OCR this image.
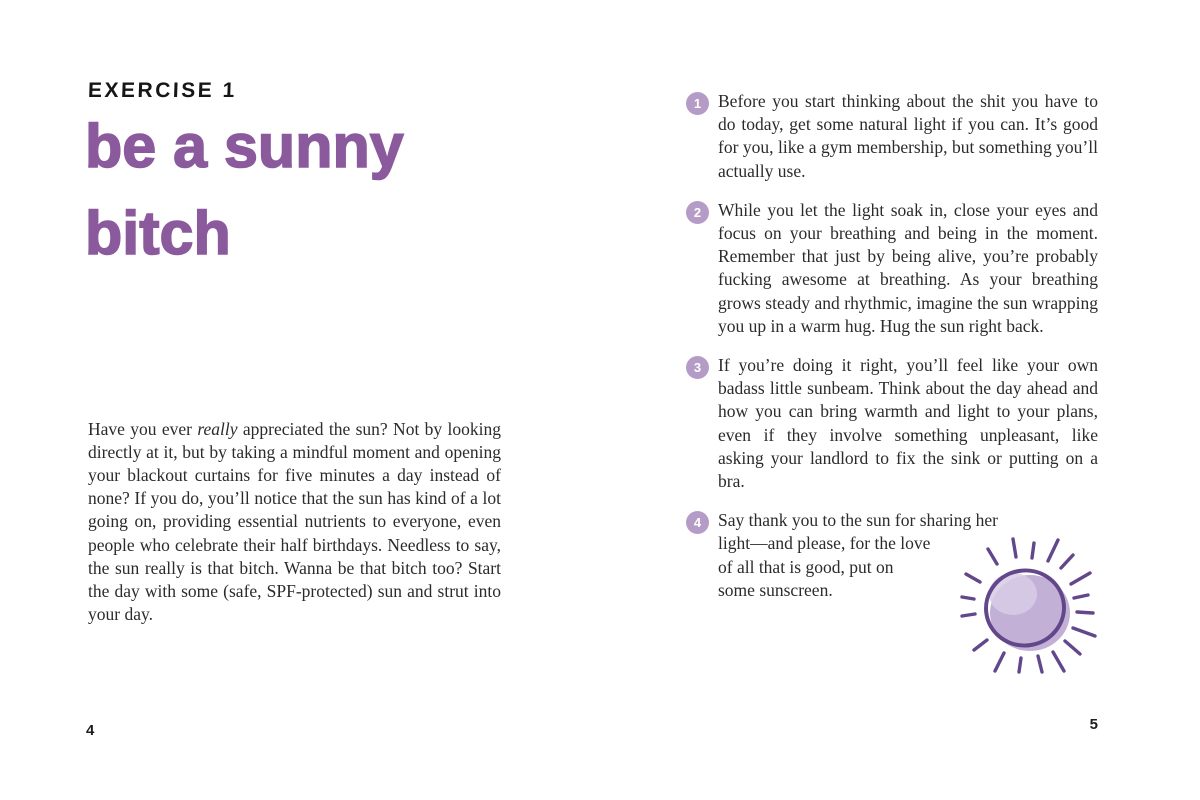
EXERCISE 1
be a sunny bitch

Have you ever really appreciated the sun? Not by looking directly at it, but by taking a mindful moment and opening your blackout curtains for five minutes a day instead of none? If you do, you’ll notice that the sun has kind of a lot going on, providing essential nutrients to everyone, even people who celebrate their half birthdays. Needless to say, the sun really is that bitch. Wanna be that bitch too? Start the day with some (safe, SPF-protected) sun and strut into your day.

4
1 Before you start thinking about the shit you have to do today, get some natural light if you can. It’s good for you, like a gym membership, but something you’ll actually use.

2 While you let the light soak in, close your eyes and focus on your breathing and being in the moment. Remember that just by being alive, you’re probably fucking awesome at breathing. As your breathing grows steady and rhythmic, imagine the sun wrapping you up in a warm hug. Hug the sun right back.

3 If you’re doing it right, you’ll feel like your own badass little sunbeam. Think about the day ahead and how you can bring warmth and light to your plans, even if they involve something unpleasant, like asking your landlord to fix the sink or putting on a bra.

4 Say thank you to the sun for sharing her
light—and please, for the love
of all that is good, put on
some sunscreen.

5
